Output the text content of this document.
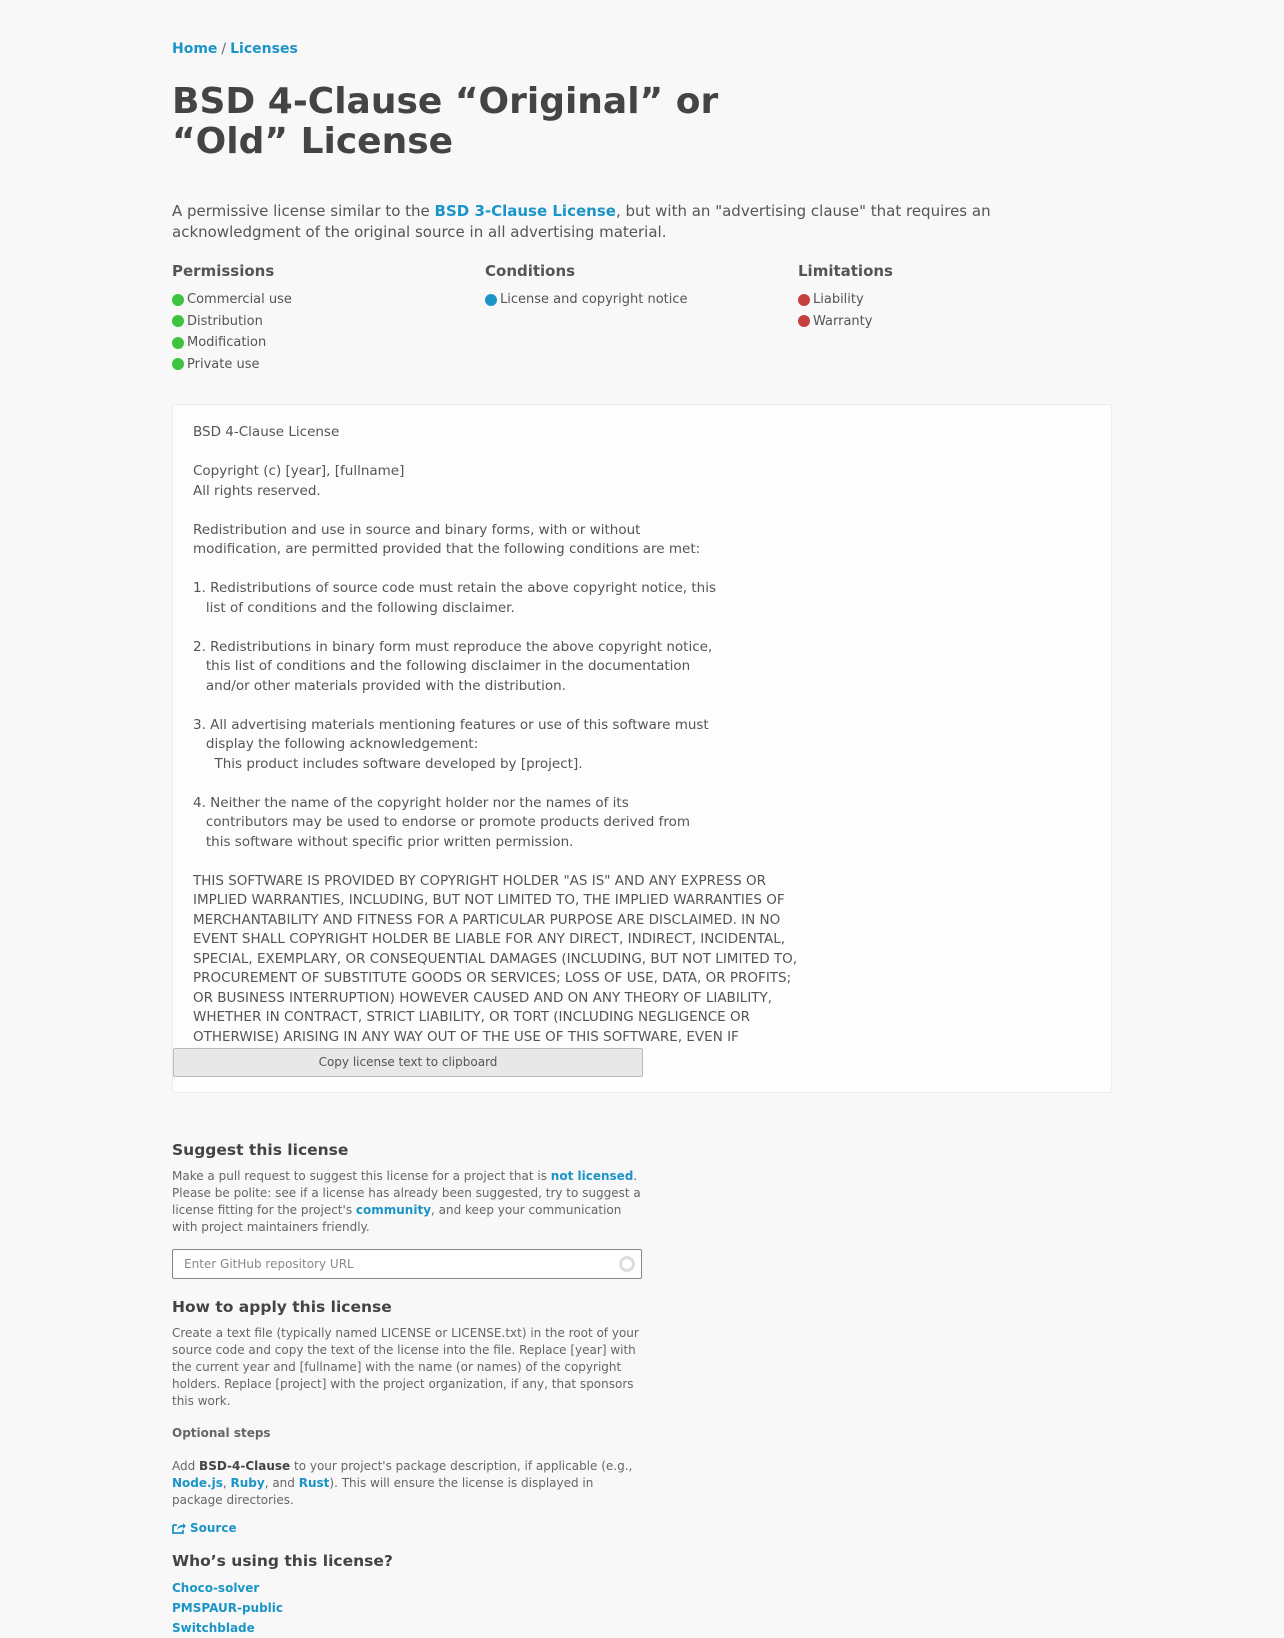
Home / Licenses
BSD 4-Clause “Original” or “Old” License

A permissive license similar to the BSD 3-Clause License, but with an "advertising clause" that requires an acknowledgment of the original source in all advertising material.

Permissions
Commercial use
Distribution
Modification
Private use
Conditions
License and copyright notice
Limitations
Liability
Warranty
BSD 4-Clause License

Copyright (c) [year], [fullname]
All rights reserved.

Redistribution and use in source and binary forms, with or without
modification, are permitted provided that the following conditions are met:

1. Redistributions of source code must retain the above copyright notice, this
list of conditions and the following disclaimer.

2. Redistributions in binary form must reproduce the above copyright notice,
this list of conditions and the following disclaimer in the documentation
and/or other materials provided with the distribution.

3. All advertising materials mentioning features or use of this software must
display the following acknowledgement:
This product includes software developed by [project].

4. Neither the name of the copyright holder nor the names of its
contributors may be used to endorse or promote products derived from
this software without specific prior written permission.

THIS SOFTWARE IS PROVIDED BY COPYRIGHT HOLDER "AS IS" AND ANY EXPRESS OR
IMPLIED WARRANTIES, INCLUDING, BUT NOT LIMITED TO, THE IMPLIED WARRANTIES OF
MERCHANTABILITY AND FITNESS FOR A PARTICULAR PURPOSE ARE DISCLAIMED. IN NO
EVENT SHALL COPYRIGHT HOLDER BE LIABLE FOR ANY DIRECT, INDIRECT, INCIDENTAL,
SPECIAL, EXEMPLARY, OR CONSEQUENTIAL DAMAGES (INCLUDING, BUT NOT LIMITED TO,
PROCUREMENT OF SUBSTITUTE GOODS OR SERVICES; LOSS OF USE, DATA, OR PROFITS;
OR BUSINESS INTERRUPTION) HOWEVER CAUSED AND ON ANY THEORY OF LIABILITY,
WHETHER IN CONTRACT, STRICT LIABILITY, OR TORT (INCLUDING NEGLIGENCE OR
OTHERWISE) ARISING IN ANY WAY OUT OF THE USE OF THIS SOFTWARE, EVEN IF
Copy license text to clipboard
Suggest this license

Make a pull request to suggest this license for a project that is not licensed. Please be polite: see if a license has already been suggested, try to suggest a license fitting for the project's community, and keep your communication with project maintainers friendly.

Enter GitHub repository URL
How to apply this license

Create a text file (typically named LICENSE or LICENSE.txt) in the root of your source code and copy the text of the license into the file. Replace [year] with the current year and [fullname] with the name (or names) of the copyright holders. Replace [project] with the project organization, if any, that sponsors this work.

Optional steps

Add BSD-4-Clause to your project's package description, if applicable (e.g., Node.js, Ruby, and Rust). This will ensure the license is displayed in package directories.

Source
Who’s using this license?
Choco-solver
PMSPAUR-public
Switchblade
